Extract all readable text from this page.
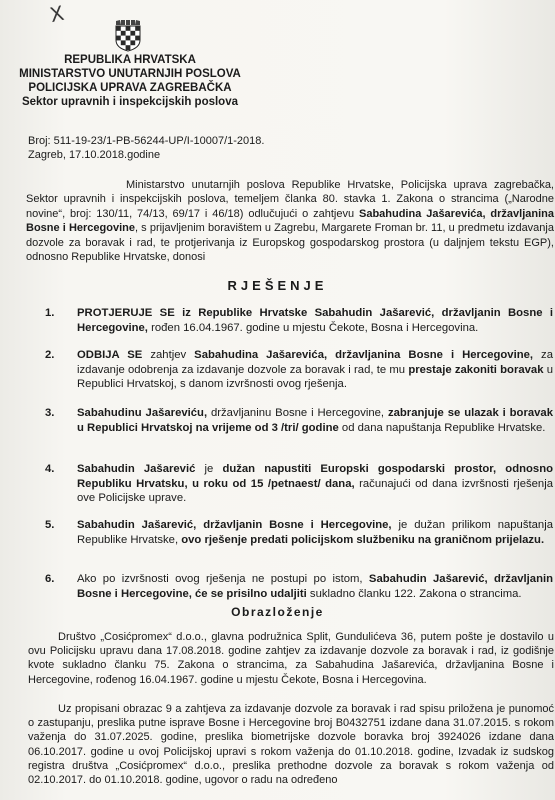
X
REPUBLIKA HRVATSKA
MINISTARSTVO UNUTARNJIH POSLOVA
POLICIJSKA UPRAVA ZAGREBAČKA
Sektor upravnih i inspekcijskih poslova
Broj: 511-19-23/1-PB-56244-UP/I-10007/1-2018.
Zagreb, 17.10.2018.godine
Ministarstvo unutarnjih poslova Republike Hrvatske, Policijska uprava zagrebačka, Sektor upravnih i inspekcijskih poslova, temeljem članka 80. stavka 1. Zakona o strancima („Narodne novine“, broj: 130/11, 74/13, 69/17 i 46/18) odlučujući o zahtjevu Sabahudina Jašarevića, državljanina Bosne i Hercegovine, s prijavljenim boravištem u Zagrebu, Margarete Froman br. 11, u predmetu izdavanja dozvole za boravak i rad, te protjerivanja iz Europskog gospodarskog prostora (u daljnjem tekstu EGP), odnosno Republike Hrvatske, donosi
RJEŠENJE
1. PROTJERUJE SE iz Republike Hrvatske Sabahudin Jašarević, državljanin Bosne i Hercegovine, rođen 16.04.1967. godine u mjestu Čekote, Bosna i Hercegovina.
2. ODBIJA SE zahtjev Sabahudina Jašarevića, državljanina Bosne i Hercegovine, za izdavanje odobrenja za izdavanje dozvole za boravak i rad, te mu prestaje zakoniti boravak u Republici Hrvatskoj, s danom izvršnosti ovog rješenja.
3. Sabahudinu Jašareviću, državljaninu Bosne i Hercegovine, zabranjuje se ulazak i boravak u Republici Hrvatskoj na vrijeme od 3 /tri/ godine od dana napuštanja Republike Hrvatske.
4. Sabahudin Jašarević je dužan napustiti Europski gospodarski prostor, odnosno Republiku Hrvatsku, u roku od 15 /petnaest/ dana, računajući od dana izvršnosti rješenja ove Policijske uprave.
5. Sabahudin Jašarević, državljanin Bosne i Hercegovine, je dužan prilikom napuštanja Republike Hrvatske, ovo rješenje predati policijskom službeniku na graničnom prijelazu.
6. Ako po izvršnosti ovog rješenja ne postupi po istom, Sabahudin Jašarević, državljanin Bosne i Hercegovine, će se prisilno udaljiti sukladno članku 122. Zakona o strancima.
Obrazloženje
Društvo „Cosićpromex“ d.o.o., glavna podružnica Split, Gundulićeva 36, putem pošte je dostavilo u ovu Policijsku upravu dana 17.08.2018. godine zahtjev za izdavanje dozvole za boravak i rad, iz godišnje kvote sukladno članku 75. Zakona o strancima, za Sabahudina Jašarevića, državljanina Bosne i Hercegovine, rođenog 16.04.1967. godine u mjestu Čekote, Bosna i Hercegovina.
Uz propisani obrazac 9 a zahtjeva za izdavanje dozvole za boravak i rad spisu priložena je punomoć o zastupanju, preslika putne isprave Bosne i Hercegovine broj B0432751 izdane dana 31.07.2015. s rokom važenja do 31.07.2025. godine, preslika biometrijske dozvole boravka broj 3924026 izdane dana 06.10.2017. godine u ovoj Policijskoj upravi s rokom važenja do 01.10.2018. godine, Izvadak iz sudskog registra društva „Cosićpromex“ d.o.o., preslika prethodne dozvole za boravak s rokom važenja od 02.10.2017. do 01.10.2018. godine, ugovor o radu na određeno
